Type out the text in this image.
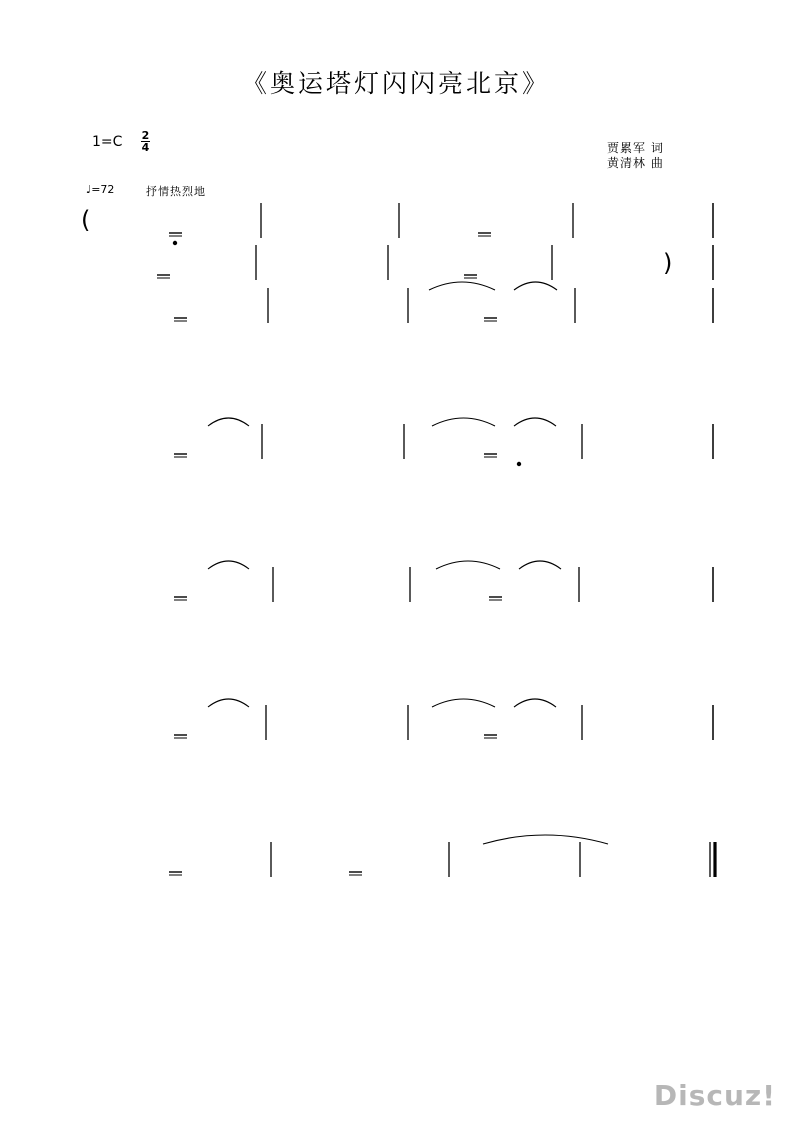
《奥运塔灯闪闪亮北京》
1=C 2
4	贾累军 词
黄清林 曲
♩=72	抒情热烈地
(
)
Discuz!
